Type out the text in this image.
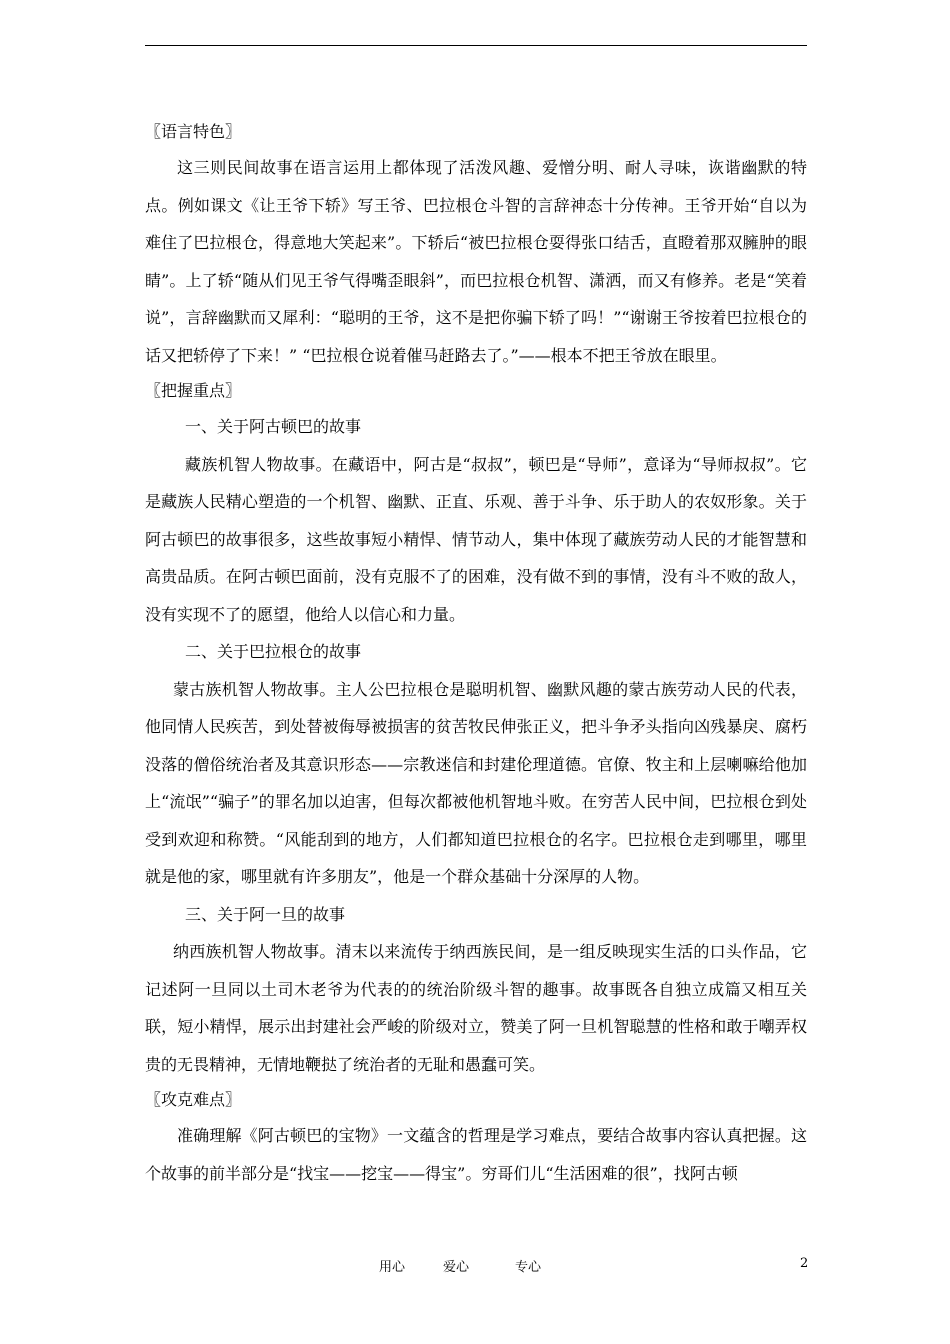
〖语言特色〗

这三则民间故事在语言运用上都体现了活泼风趣、爱憎分明、耐人寻味，诙谐幽默的特点。例如课文《让王爷下轿》写王爷、巴拉根仓斗智的言辞神态十分传神。王爷开始“自以为难住了巴拉根仓，得意地大笑起来”。下轿后“被巴拉根仓耍得张口结舌，直瞪着那双臃肿的眼睛”。上了轿“随从们见王爷气得嘴歪眼斜”，而巴拉根仓机智、潇洒，而又有修养。老是“笑着说”，言辞幽默而又犀利：“聪明的王爷，这不是把你骗下轿了吗！”“谢谢王爷按着巴拉根仓的话又把轿停了下来！” “巴拉根仓说着催马赶路去了。”——根本不把王爷放在眼里。

〖把握重点〗

一、关于阿古顿巴的故事

藏族机智人物故事。在藏语中，阿古是“叔叔”，顿巴是“导师”，意译为“导师叔叔”。它是藏族人民精心塑造的一个机智、幽默、正直、乐观、善于斗争、乐于助人的农奴形象。关于阿古顿巴的故事很多，这些故事短小精悍、情节动人，集中体现了藏族劳动人民的才能智慧和高贵品质。在阿古顿巴面前，没有克服不了的困难，没有做不到的事情，没有斗不败的敌人，没有实现不了的愿望，他给人以信心和力量。

二、关于巴拉根仓的故事

蒙古族机智人物故事。主人公巴拉根仓是聪明机智、幽默风趣的蒙古族劳动人民的代表，他同情人民疾苦，到处替被侮辱被损害的贫苦牧民伸张正义，把斗争矛头指向凶残暴戾、腐朽没落的僧俗统治者及其意识形态——宗教迷信和封建伦理道德。官僚、牧主和上层喇嘛给他加上“流氓”“骗子”的罪名加以迫害，但每次都被他机智地斗败。在穷苦人民中间，巴拉根仓到处受到欢迎和称赞。“风能刮到的地方，人们都知道巴拉根仓的名字。巴拉根仓走到哪里，哪里就是他的家，哪里就有许多朋友”，他是一个群众基础十分深厚的人物。

三、关于阿一旦的故事

纳西族机智人物故事。清末以来流传于纳西族民间，是一组反映现实生活的口头作品，它记述阿一旦同以土司木老爷为代表的的统治阶级斗智的趣事。故事既各自独立成篇又相互关联，短小精悍，展示出封建社会严峻的阶级对立，赞美了阿一旦机智聪慧的性格和敢于嘲弄权贵的无畏精神，无情地鞭挞了统治者的无耻和愚蠢可笑。

〖攻克难点〗

准确理解《阿古顿巴的宝物》一文蕴含的哲理是学习难点，要结合故事内容认真把握。这个故事的前半部分是“找宝——挖宝——得宝”。穷哥们儿“生活困难的很”，找阿古顿

用心	爱心	专心	2
